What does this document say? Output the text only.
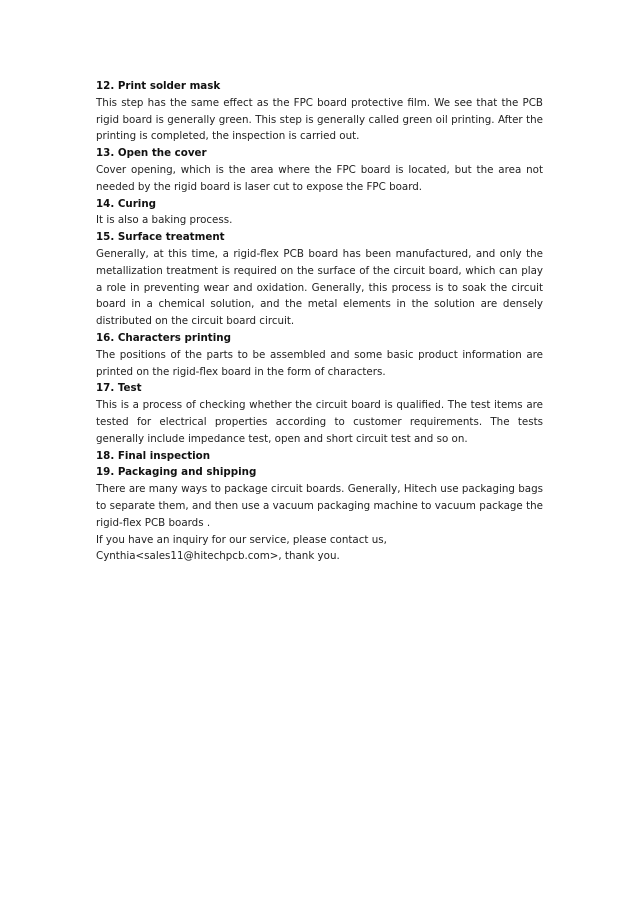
12. Print solder mask

This step has the same effect as the FPC board protective film. We see that the PCB rigid board is generally green. This step is generally called green oil printing. After the printing is completed, the inspection is carried out.

13. Open the cover

Cover opening, which is the area where the FPC board is located, but the area not needed by the rigid board is laser cut to expose the FPC board.

14. Curing

It is also a baking process.

15. Surface treatment

Generally, at this time, a rigid-flex PCB board has been manufactured, and only the metallization treatment is required on the surface of the circuit board, which can play a role in preventing wear and oxidation. Generally, this process is to soak the circuit board in a chemical solution, and the metal elements in the solution are densely distributed on the circuit board circuit.

16. Characters printing

The positions of the parts to be assembled and some basic product information are printed on the rigid-flex board in the form of characters.

17. Test

This is a process of checking whether the circuit board is qualified. The test items are tested for electrical properties according to customer requirements. The tests generally include impedance test, open and short circuit test and so on.

18. Final inspection

19. Packaging and shipping

There are many ways to package circuit boards. Generally, Hitech use packaging bags to separate them, and then use a vacuum packaging machine to vacuum package the rigid-flex PCB boards .

If you have an inquiry for our service, please contact us, Cynthia<sales11@hitechpcb.com>, thank you.
